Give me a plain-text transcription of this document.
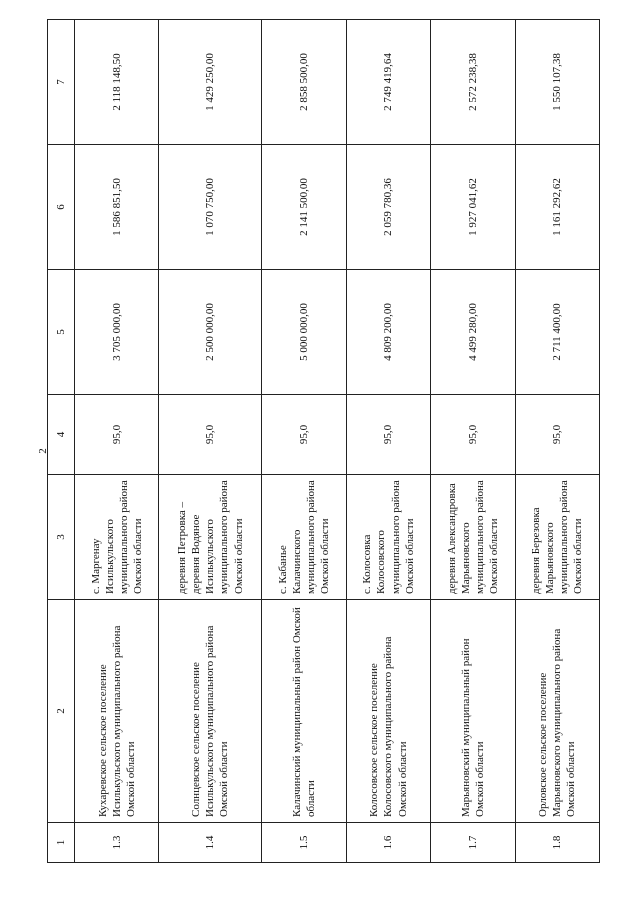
2
1	2	3	4	5	6	7
1.3	Кухаревское сельское поселение Исилькульского муниципального района Омской области	с. Маргенау Исилькульского муниципального района Омской области	95,0	3 705 000,00	1 586 851,50	2 118 148,50
1.4	Солнцевское сельское поселение Исилькульского муниципального района Омской области	деревня Петровка – деревня Водяное Исилькульского муниципального района Омской области	95,0	2 500 000,00	1 070 750,00	1 429 250,00
1.5	Калачинский муниципальный район Омской области	с. Кабанье Калачинского муниципального района Омской области	95,0	5 000 000,00	2 141 500,00	2 858 500,00
1.6	Колосовское сельское поселение Колосовского муниципального района Омской области	с. Колосовка Колосовского муниципального района Омской области	95,0	4 809 200,00	2 059 780,36	2 749 419,64
1.7	Марьяновский муниципальный район Омской области	деревня Александровка Марьяновского муниципального района Омской области	95,0	4 499 280,00	1 927 041,62	2 572 238,38
1.8	Орловское сельское поселение Марьяновского муниципального района Омской области	деревня Березовка Марьяновского муниципального района Омской области	95,0	2 711 400,00	1 161 292,62	1 550 107,38
